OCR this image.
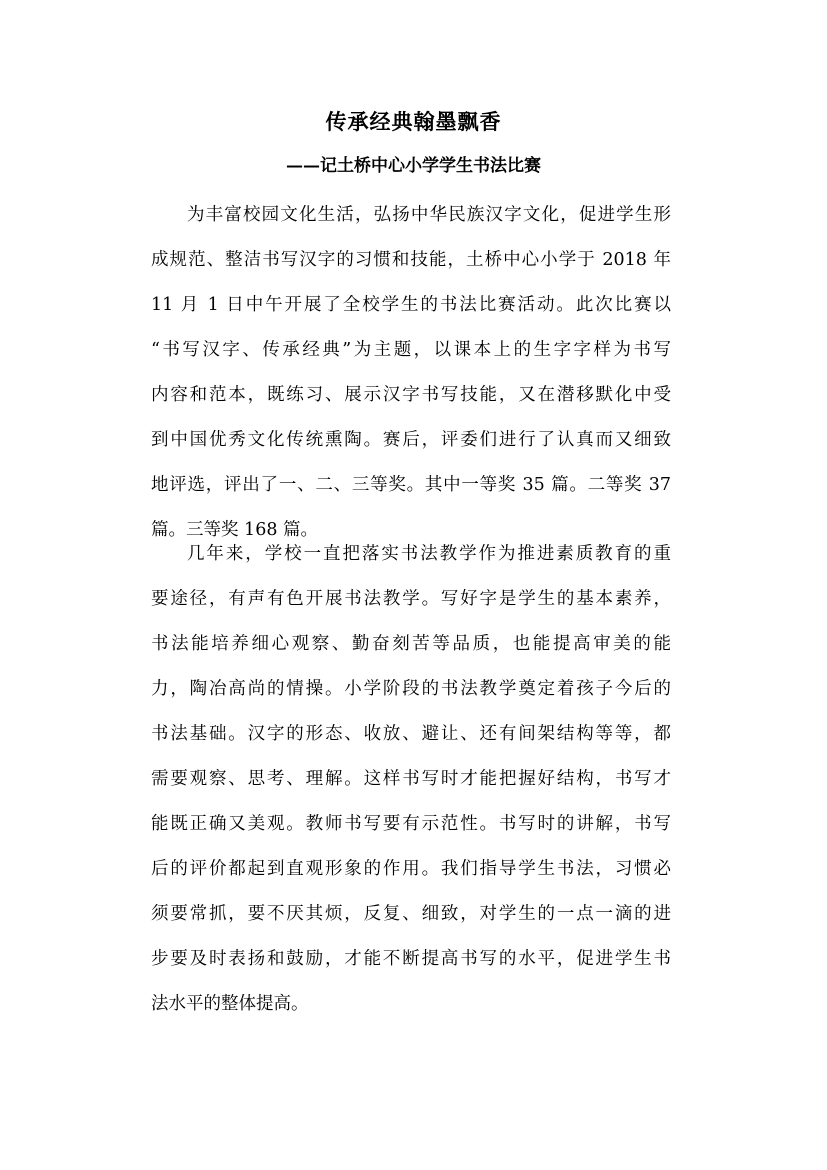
传承经典翰墨飘香
——记土桥中心小学学生书法比赛
为丰富校园文化生活，弘扬中华民族汉字文化，促进学生形
成规范、整洁书写汉字的习惯和技能，土桥中心小学于 2018 年
11 月 1 日中午开展了全校学生的书法比赛活动。此次比赛以
“书写汉字、传承经典”为主题，以课本上的生字字样为书写
内容和范本，既练习、展示汉字书写技能，又在潜移默化中受
到中国优秀文化传统熏陶。赛后，评委们进行了认真而又细致
地评选，评出了一、二、三等奖。其中一等奖 35 篇。二等奖 37
篇。三等奖 168 篇。
几年来，学校一直把落实书法教学作为推进素质教育的重
要途径，有声有色开展书法教学。写好字是学生的基本素养，
书法能培养细心观察、勤奋刻苦等品质，也能提高审美的能
力，陶冶高尚的情操。小学阶段的书法教学奠定着孩子今后的
书法基础。汉字的形态、收放、避让、还有间架结构等等，都
需要观察、思考、理解。这样书写时才能把握好结构，书写才
能既正确又美观。教师书写要有示范性。书写时的讲解，书写
后的评价都起到直观形象的作用。我们指导学生书法，习惯必
须要常抓，要不厌其烦，反复、细致，对学生的一点一滴的进
步要及时表扬和鼓励，才能不断提高书写的水平，促进学生书
法水平的整体提高。
